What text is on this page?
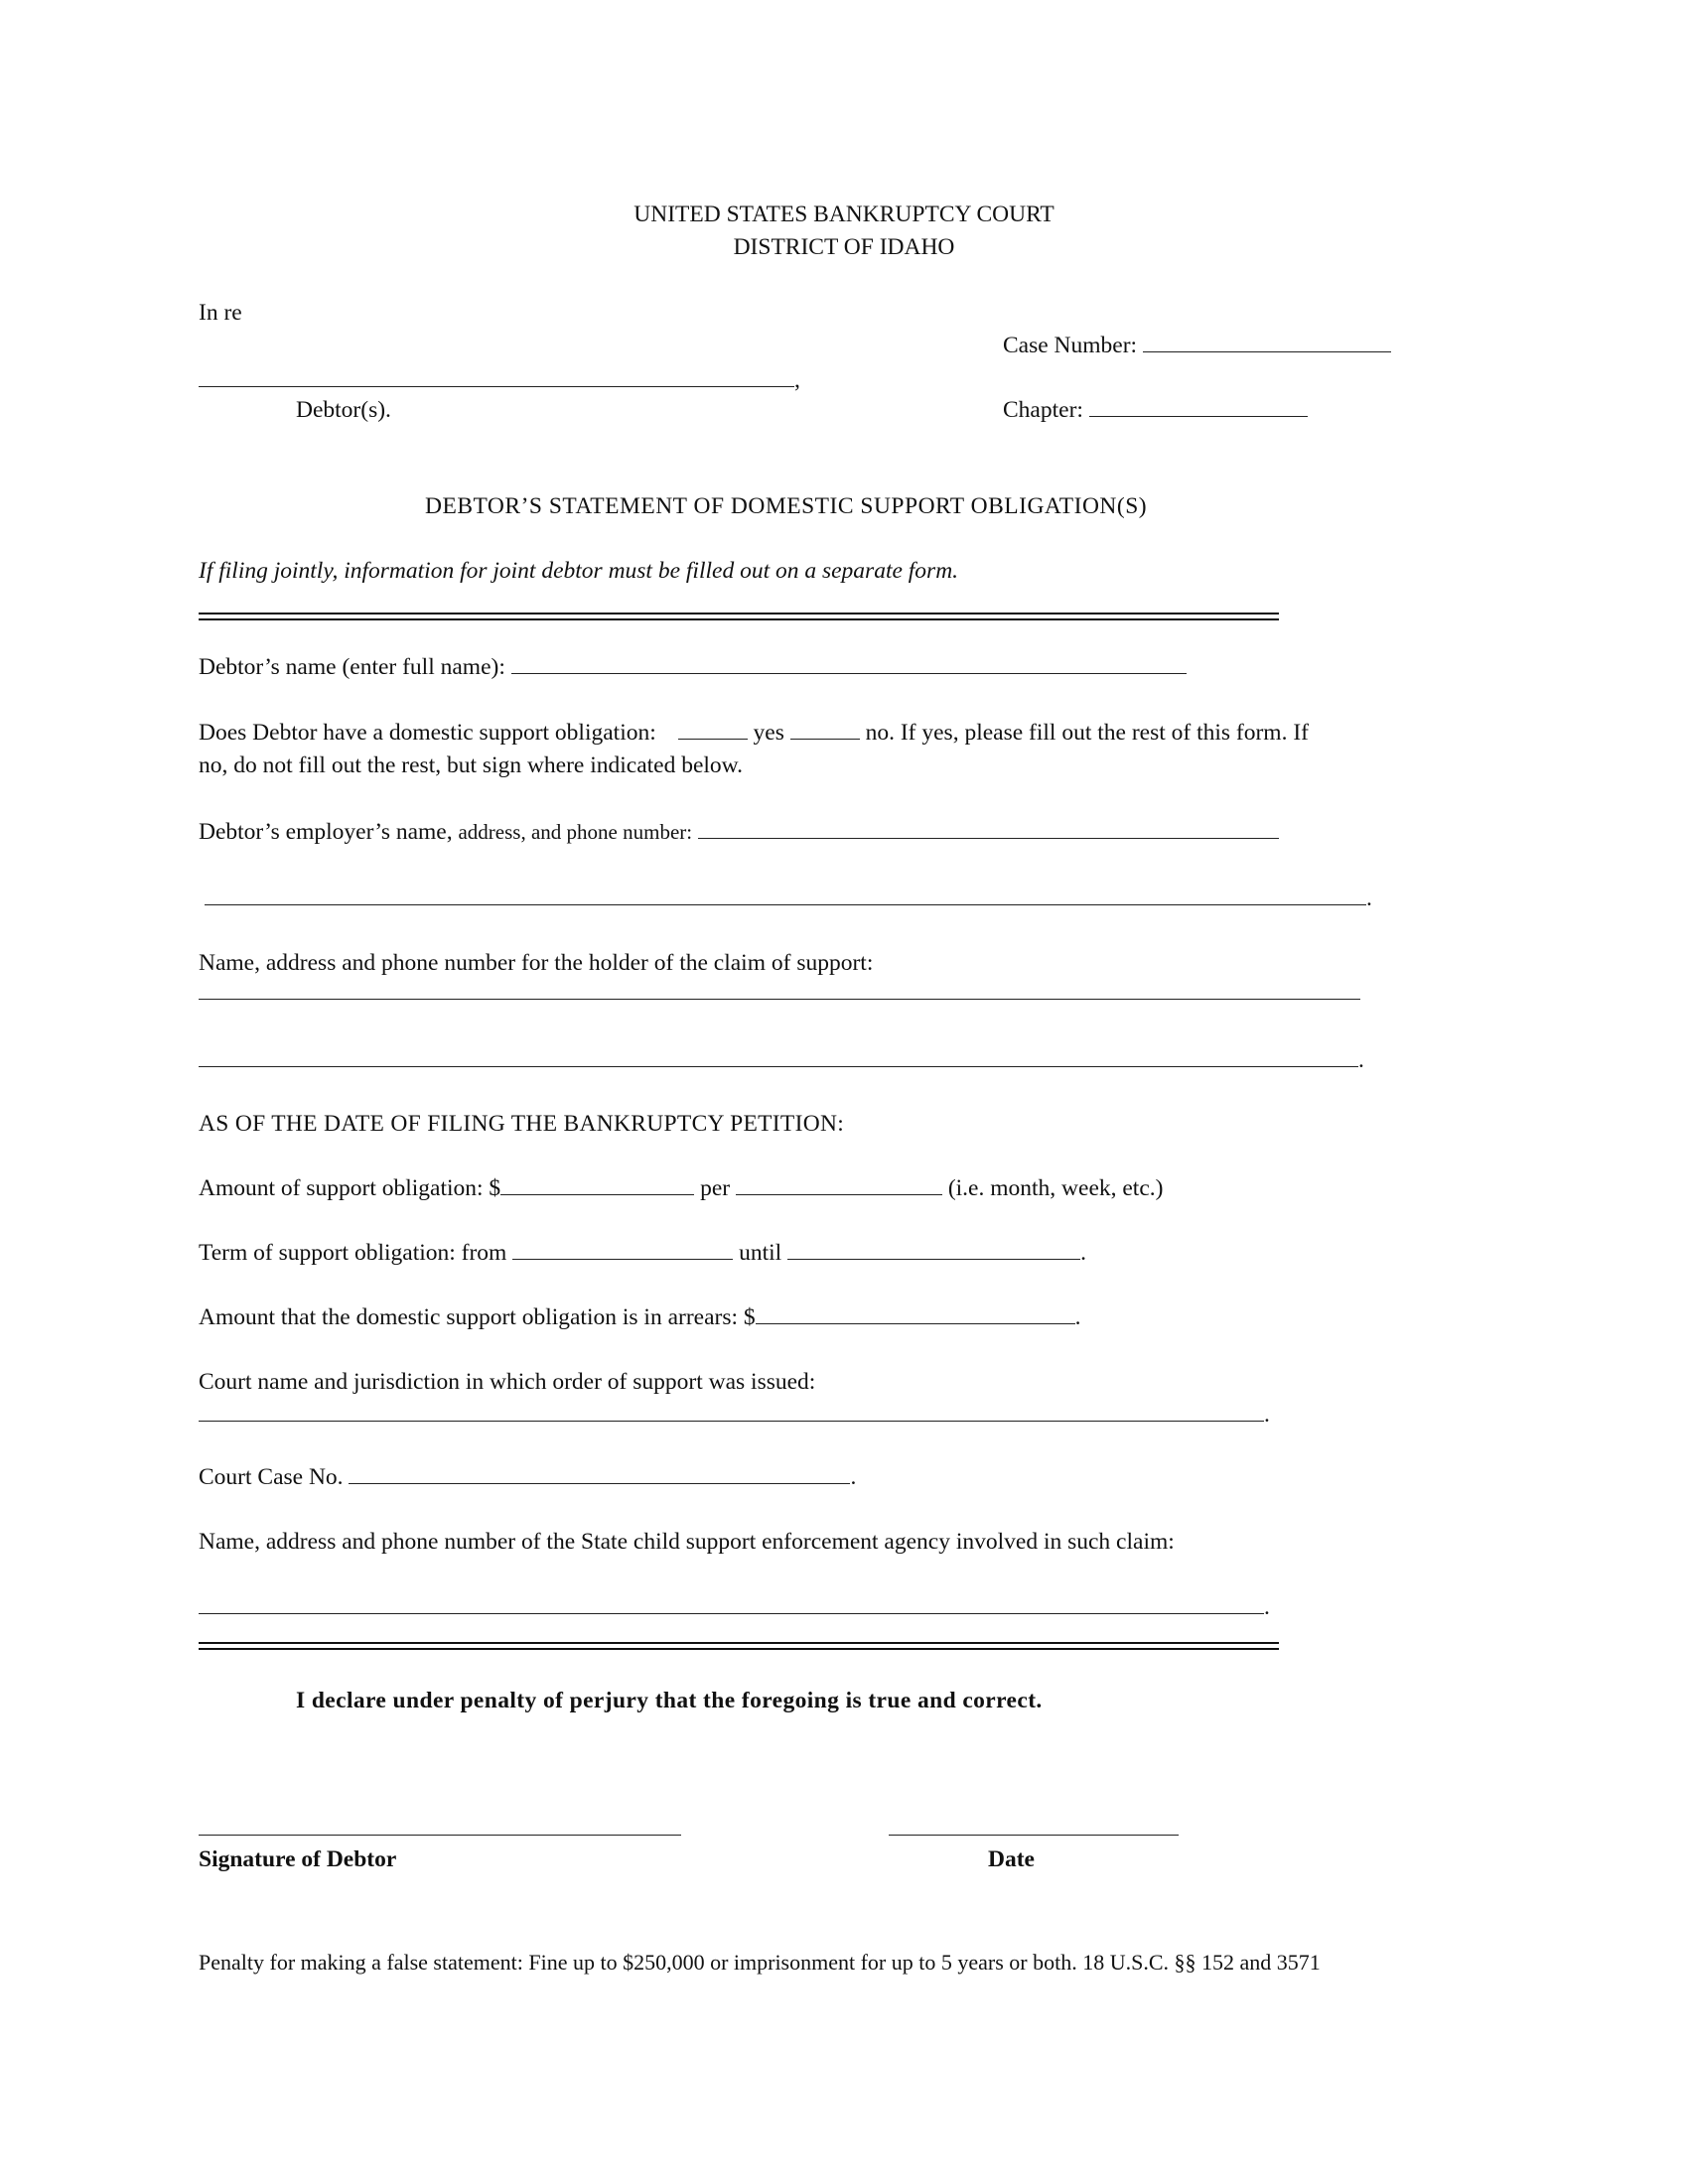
UNITED STATES BANKRUPTCY COURT
DISTRICT OF IDAHO
In re
Case Number:
,
Debtor(s).	Chapter:
DEBTOR’S STATEMENT OF DOMESTIC SUPPORT OBLIGATION(S)
If filing jointly, information for joint debtor must be filled out on a separate form.
Debtor’s name (enter full name):
Does Debtor have a domestic support obligation:	yes	no. If yes, please fill out the rest of this form. If
no, do not fill out the rest, but sign where indicated below.
Debtor’s employer’s name, address, and phone number:
.
Name, address and phone number for the holder of the claim of support:
.
AS OF THE DATE OF FILING THE BANKRUPTCY PETITION:
Amount of support obligation: $	per	(i.e. month, week, etc.)
Term of support obligation: from	until	.
Amount that the domestic support obligation is in arrears: $	.
Court name and jurisdiction in which order of support was issued:
.
Court Case No.	.
Name, address and phone number of the State child support enforcement agency involved in such claim:
.
I declare under penalty of perjury that the foregoing is true and correct.
Signature of Debtor	Date
Penalty for making a false statement: Fine up to $250,000 or imprisonment for up to 5 years or both. 18 U.S.C. §§ 152 and 3571
